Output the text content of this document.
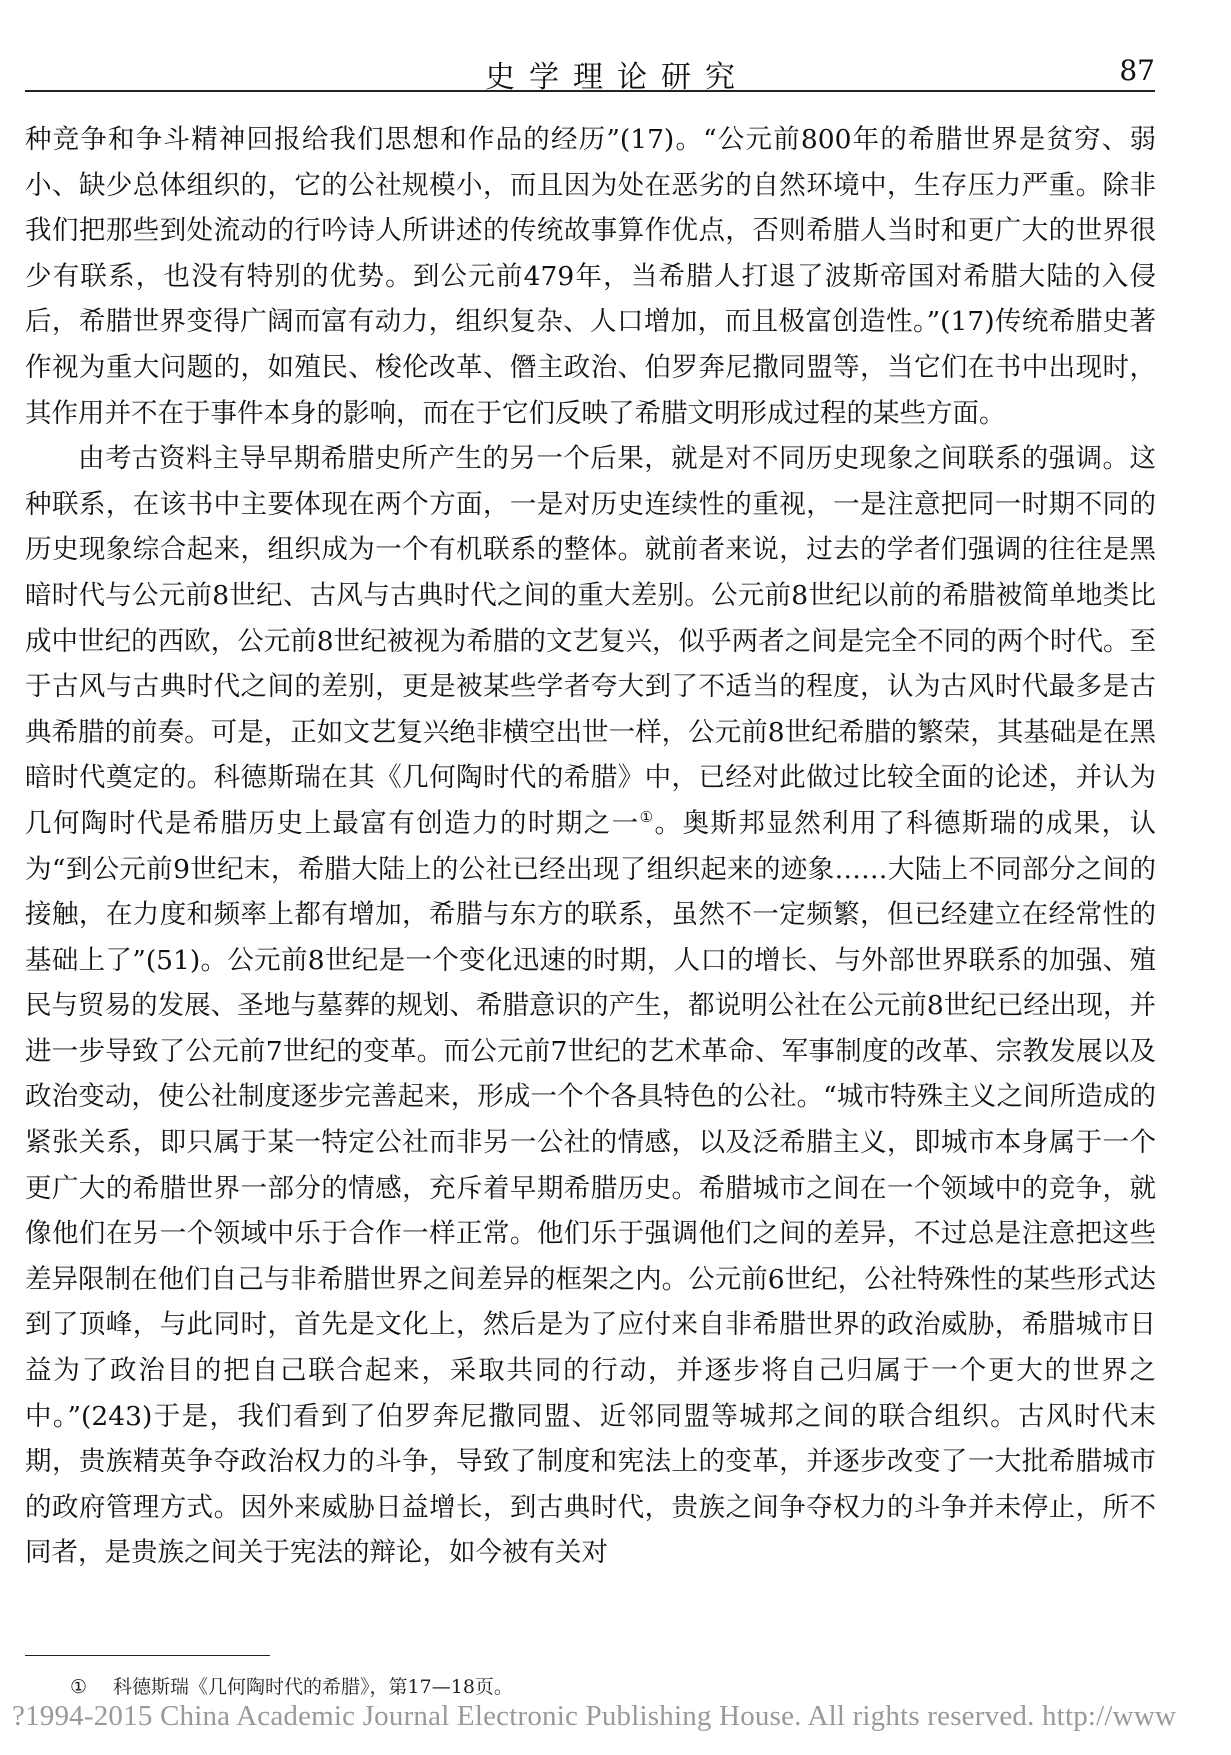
史学理论研究	87

种竞争和争斗精神回报给我们思想和作品的经历”(17)。“公元前800年的希腊世界是贫穷、弱小、缺少总体组织的，它的公社规模小，而且因为处在恶劣的自然环境中，生存压力严重。除非我们把那些到处流动的行吟诗人所讲述的传统故事算作优点，否则希腊人当时和更广大的世界很少有联系，也没有特别的优势。到公元前479年，当希腊人打退了波斯帝国对希腊大陆的入侵后，希腊世界变得广阔而富有动力，组织复杂、人口增加，而且极富创造性。”(17)传统希腊史著作视为重大问题的，如殖民、梭伦改革、僭主政治、伯罗奔尼撒同盟等，当它们在书中出现时，其作用并不在于事件本身的影响，而在于它们反映了希腊文明形成过程的某些方面。

由考古资料主导早期希腊史所产生的另一个后果，就是对不同历史现象之间联系的强调。这种联系，在该书中主要体现在两个方面，一是对历史连续性的重视，一是注意把同一时期不同的历史现象综合起来，组织成为一个有机联系的整体。就前者来说，过去的学者们强调的往往是黑暗时代与公元前8世纪、古风与古典时代之间的重大差别。公元前8世纪以前的希腊被简单地类比成中世纪的西欧，公元前8世纪被视为希腊的文艺复兴，似乎两者之间是完全不同的两个时代。至于古风与古典时代之间的差别，更是被某些学者夸大到了不适当的程度，认为古风时代最多是古典希腊的前奏。可是，正如文艺复兴绝非横空出世一样，公元前8世纪希腊的繁荣，其基础是在黑暗时代奠定的。科德斯瑞在其《几何陶时代的希腊》中，已经对此做过比较全面的论述，并认为几何陶时代是希腊历史上最富有创造力的时期之一①。奥斯邦显然利用了科德斯瑞的成果，认为“到公元前9世纪末，希腊大陆上的公社已经出现了组织起来的迹象……大陆上不同部分之间的接触，在力度和频率上都有增加，希腊与东方的联系，虽然不一定频繁，但已经建立在经常性的基础上了”(51)。公元前8世纪是一个变化迅速的时期，人口的增长、与外部世界联系的加强、殖民与贸易的发展、圣地与墓葬的规划、希腊意识的产生，都说明公社在公元前8世纪已经出现，并进一步导致了公元前7世纪的变革。而公元前7世纪的艺术革命、军事制度的改革、宗教发展以及政治变动，使公社制度逐步完善起来，形成一个个各具特色的公社。“城市特殊主义之间所造成的紧张关系，即只属于某一特定公社而非另一公社的情感，以及泛希腊主义，即城市本身属于一个更广大的希腊世界一部分的情感，充斥着早期希腊历史。希腊城市之间在一个领域中的竞争，就像他们在另一个领域中乐于合作一样正常。他们乐于强调他们之间的差异，不过总是注意把这些差异限制在他们自己与非希腊世界之间差异的框架之内。公元前6世纪，公社特殊性的某些形式达到了顶峰，与此同时，首先是文化上，然后是为了应付来自非希腊世界的政治威胁，希腊城市日益为了政治目的把自己联合起来，采取共同的行动，并逐步将自己归属于一个更大的世界之中。”(243)于是，我们看到了伯罗奔尼撒同盟、近邻同盟等城邦之间的联合组织。古风时代末期，贵族精英争夺政治权力的斗争，导致了制度和宪法上的变革，并逐步改变了一大批希腊城市的政府管理方式。因外来威胁日益增长，到古典时代，贵族之间争夺权力的斗争并未停止，所不同者，是贵族之间关于宪法的辩论，如今被有关对

① 科德斯瑞《几何陶时代的希腊》，第17—18页。
?1994-2015 China Academic Journal Electronic Publishing House. All rights reserved. http://www
